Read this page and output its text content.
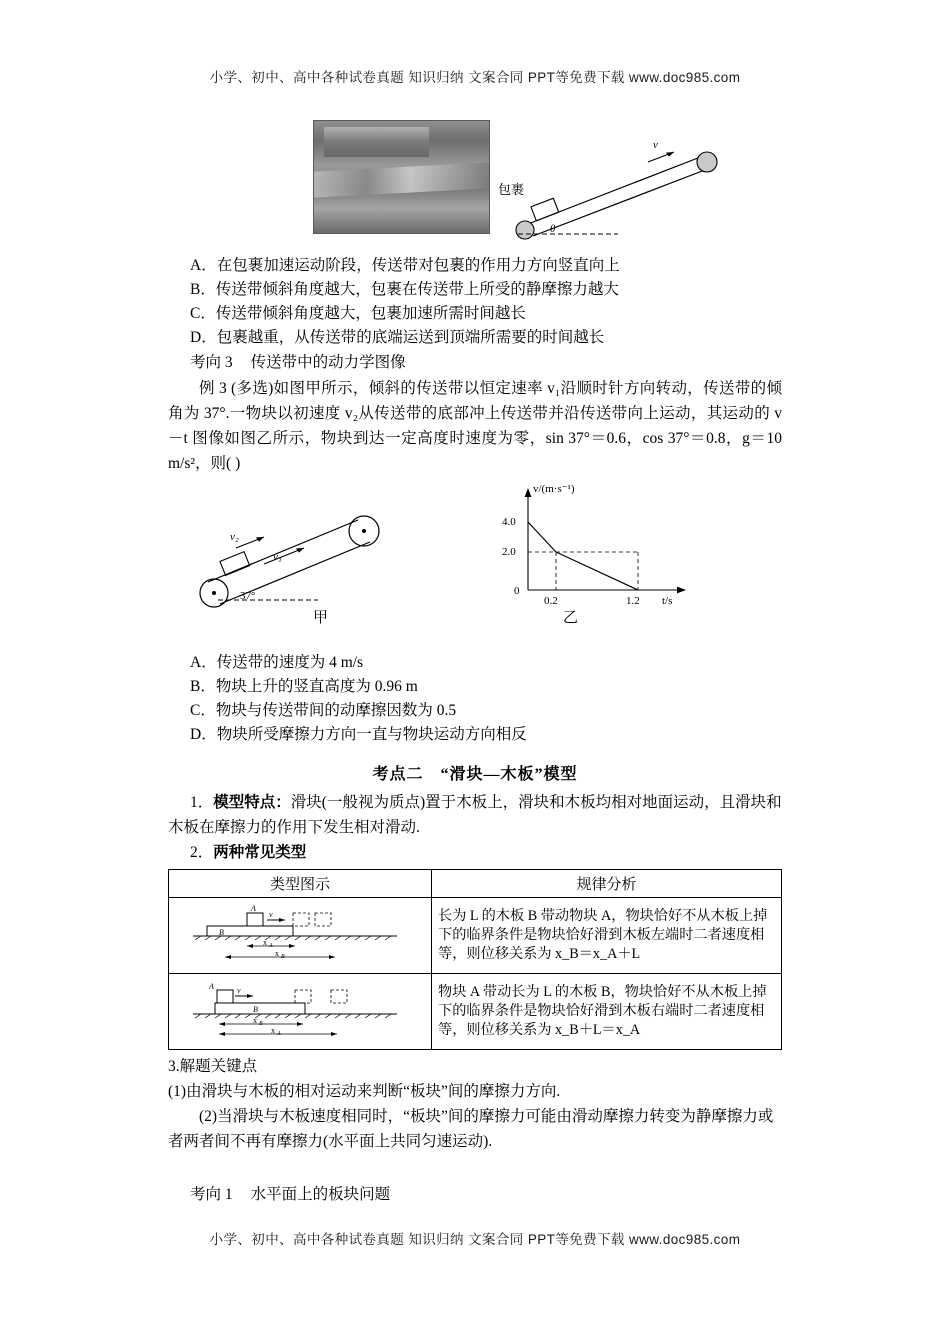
小学、初中、高中各种试卷真题 知识归纳 文案合同 PPT等免费下载 www.doc985.com
v
包裹
θ
A．在包裹加速运动阶段，传送带对包裹的作用力方向竖直向上
B．传送带倾斜角度越大，包裹在传送带上所受的静摩擦力越大
C．传送带倾斜角度越大，包裹加速所需时间越长
D．包裹越重，从传送带的底端运送到顶端所需要的时间越长
考向 3 传送带中的动力学图像
例 3 (多选)如图甲所示，倾斜的传送带以恒定速率 v₁沿顺时针方向转动，传送带的倾角为 37°.一物块以初速度 v₂从传送带的底部冲上传送带并沿传送带向上运动，其运动的 v－t 图像如图乙所示，物块到达一定高度时速度为零，sin 37°＝0.6，cos 37°＝0.8，g＝10 m/s²，则( )
v₂
v₁
37°
v/(m·s⁻¹)
4.0
2.0
0
0.2	1.2 t/s
甲	乙
A．传送带的速度为 4 m/s
B．物块上升的竖直高度为 0.96 m
C．物块与传送带间的动摩擦因数为 0.5
D．物块所受摩擦力方向一直与物块运动方向相反
考点二　“滑块—木板”模型
1．模型特点：滑块(一般视为质点)置于木板上，滑块和木板均相对地面运动，且滑块和木板在摩擦力的作用下发生相对滑动.
2．两种常见类型
类型图示	规律分析

B
A
v
x A
x B
	长为 L 的木板 B 带动物块 A，物块恰好不从木板上掉下的临界条件是物块恰好滑到木板左端时二者速度相等，则位移关系为 x_B＝x_A＋L

B
A	v
x B
x A
	物块 A 带动长为 L 的木板 B，物块恰好不从木板上掉下的临界条件是物块恰好滑到木板右端时二者速度相等，则位移关系为 x_B＋L＝x_A
3.解题关键点
(1)由滑块与木板的相对运动来判断“板块”间的摩擦力方向.
(2)当滑块与木板速度相同时，“板块”间的摩擦力可能由滑动摩擦力转变为静摩擦力或者两者间不再有摩擦力(水平面上共同匀速运动).
考向 1 水平面上的板块问题
小学、初中、高中各种试卷真题 知识归纳 文案合同 PPT等免费下载 www.doc985.com
